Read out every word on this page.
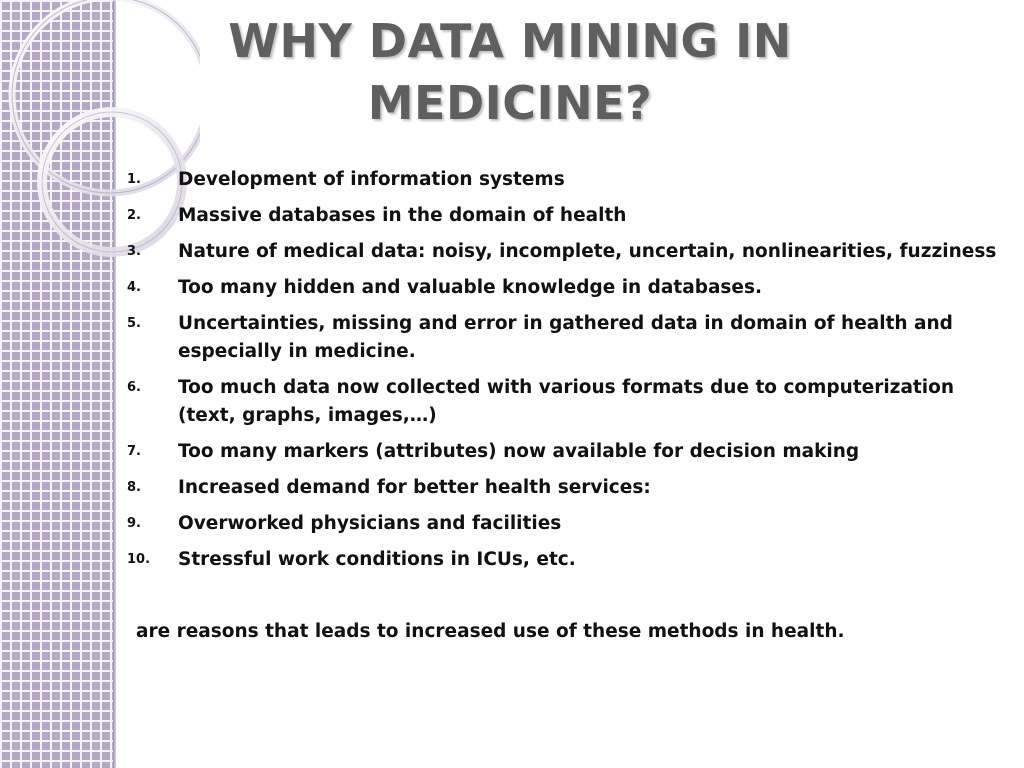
WHY DATA MINING IN
MEDICINE?
1.	Development of information systems
2.	Massive databases in the domain of health
3.	Nature of medical data: noisy, incomplete, uncertain, nonlinearities, fuzziness
4.	Too many hidden and valuable knowledge in databases.
5.	Uncertainties, missing and error in gathered data in domain of health and especially in medicine.
6.	Too much data now collected with various formats due to computerization (text, graphs, images,…)
7.	Too many markers (attributes) now available for decision making
8.	Increased demand for better health services:
9.	Overworked physicians and facilities
10.	Stressful work conditions in ICUs, etc.

are reasons that leads to increased use of these methods in health.
